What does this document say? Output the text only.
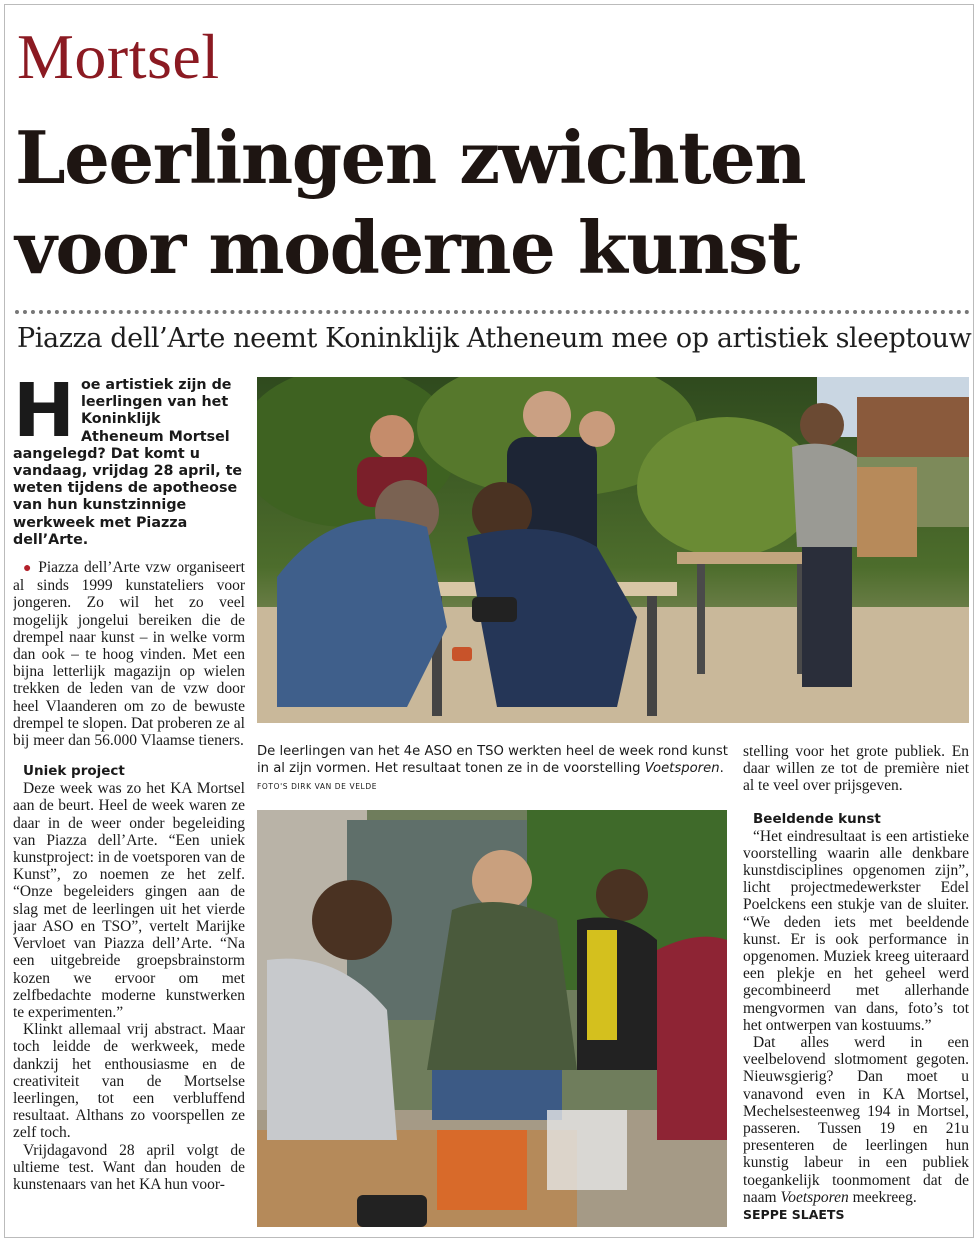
Mortsel
Leerlingen zwichten
voor moderne kunst
Piazza dell’Arte neemt Koninklijk Atheneum mee op artistiek sleeptouw
Hoe artistiek zijn de leerlingen van het Koninklijk Atheneum Mortsel aangelegd? Dat komt u vandaag, vrijdag 28 april, te weten tijdens de apotheose van hun kunstzinnige werkweek met Piazza dell’Arte.

● Piazza dell’Arte vzw organiseert al sinds 1999 kunstateliers voor jongeren. Zo wil het zo veel mogelijk jongelui bereiken die de drempel naar kunst – in welke vorm dan ook – te hoog vinden. Met een bijna letterlijk magazijn op wielen trekken de leden van de vzw door heel Vlaanderen om zo de bewuste drempel te slopen. Dat proberen ze al bij meer dan 56.000 Vlaamse tieners.

Uniek project

Deze week was zo het KA Mortsel aan de beurt. Heel de week waren ze daar in de weer onder begeleiding van Piazza dell’Arte. “Een uniek kunstproject: in de voetsporen van de Kunst”, zo noemen ze het zelf. “Onze begeleiders gingen aan de slag met de leerlingen uit het vierde jaar ASO en TSO”, vertelt Marijke Vervloet van Piazza dell’Arte. “Na een uitgebreide groepsbrainstorm kozen we ervoor om met zelfbedachte moderne kunstwerken te experimenten.”

Klinkt allemaal vrij abstract. Maar toch leidde de werkweek, mede dankzij het enthousiasme en de creativiteit van de Mortselse leerlingen, tot een verbluffend resultaat. Althans zo voorspellen ze zelf toch.

Vrijdagavond 28 april volgt de ultieme test. Want dan houden de kunstenaars van het KA hun voor-

De leerlingen van het 4e ASO en TSO werkten heel de week rond kunst in al zijn vormen. Het resultaat tonen ze in de voorstelling Voetsporen. FOTO'S DIRK VAN DE VELDE

stelling voor het grote publiek. En daar willen ze tot de première niet al te veel over prijsgeven.

Beeldende kunst

“Het eindresultaat is een artistieke voorstelling waarin alle denkbare kunstdisciplines opgenomen zijn”, licht projectmedewerkster Edel Poelckens een stukje van de sluiter. “We deden iets met beeldende kunst. Er is ook performance in opgenomen. Muziek kreeg uiteraard een plekje en het geheel werd gecombineerd met allerhande mengvormen van dans, foto’s tot het ontwerpen van kostuums.”

Dat alles werd in een veelbelovend slotmoment gegoten. Nieuwsgierig? Dan moet u vanavond even in KA Mortsel, Mechelsesteenweg 194 in Mortsel, passeren. Tussen 19 en 21u presenteren de leerlingen hun kunstig labeur in een publiek toegankelijk toonmoment dat de naam Voetsporen meekreeg.

SEPPE SLAETS
